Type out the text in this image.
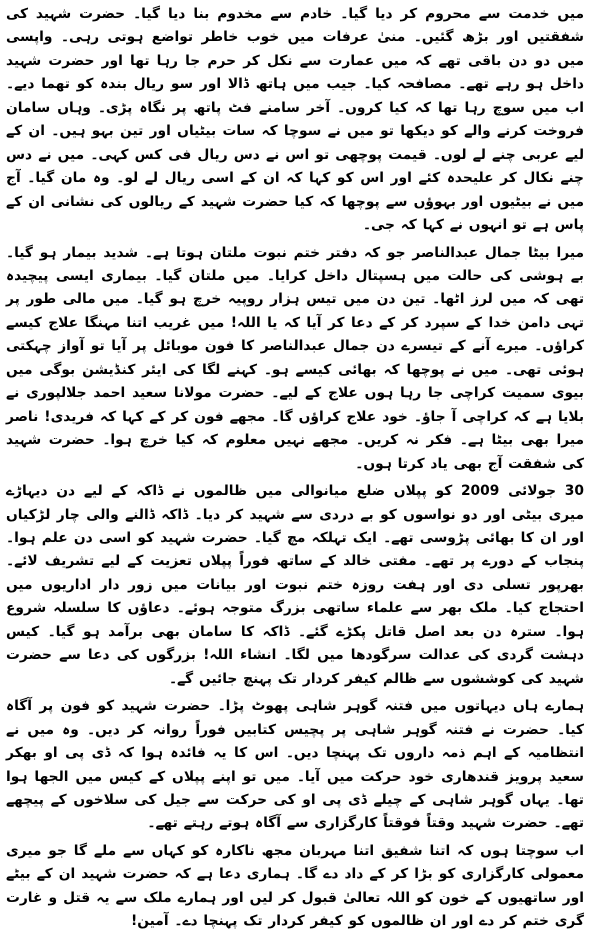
میں خدمت سے محروم کر دیا گیا۔ خادم سے مخدوم بنا دیا گیا۔ حضرت شہید کی شفقتیں اور بڑھ گئیں۔ منیٰ عرفات میں خوب خاطر تواضع ہوتی رہی۔ واپسی میں دو دن باقی تھے کہ میں عمارت سے نکل کر حرم جا رہا تھا اور حضرت شہید داخل ہو رہے تھے۔ مصافحہ کیا۔ جیب میں ہاتھ ڈالا اور سو ریال بندہ کو تھما دیے۔ اب میں سوچ رہا تھا کہ کیا کروں۔ آخر سامنے فٹ پاتھ پر نگاہ پڑی۔ وہاں سامان فروخت کرنے والے کو دیکھا تو میں نے سوچا کہ سات بیٹیاں اور تین بہو ہیں۔ ان کے لیے عربی چنے لے لوں۔ قیمت پوچھی تو اس نے دس ریال فی کس کہی۔ میں نے دس چنے نکال کر علیحدہ کئے اور اس کو کہا کہ ان کے اسی ریال لے لو۔ وہ مان گیا۔ آج میں نے بیٹیوں اور بہوؤں سے پوچھا کہ کیا حضرت شہید کے ریالوں کی نشانی ان کے پاس ہے تو انہوں نے کہا کہ جی۔

میرا بیٹا جمال عبدالناصر جو کہ دفتر ختم نبوت ملتان ہوتا ہے۔ شدید بیمار ہو گیا۔ بے ہوشی کی حالت میں ہسپتال داخل کرایا۔ میں ملتان گیا۔ بیماری ایسی پیچیدہ تھی کہ میں لرز اٹھا۔ تین دن میں تیس ہزار روپیہ خرچ ہو گیا۔ میں مالی طور پر تہی دامن خدا کے سپرد کر کے دعا کر آیا کہ یا اللہ! میں غریب اتنا مہنگا علاج کیسے کراؤں۔ میرے آنے کے تیسرے دن جمال عبدالناصر کا فون موبائل پر آیا تو آواز چہکتی ہوئی تھی۔ میں نے پوچھا کہ بھائی کیسے ہو۔ کہنے لگا کی ایئر کنڈیشن بوگی میں بیوی سمیت کراچی جا رہا ہوں علاج کے لیے۔ حضرت مولانا سعید احمد جلالپوری نے بلایا ہے کہ کراچی آ جاؤ۔ خود علاج کراؤں گا۔ مجھے فون کر کے کہا کہ فریدی! ناصر میرا بھی بیٹا ہے۔ فکر نہ کریں۔ مجھے نہیں معلوم کہ کیا خرچ ہوا۔ حضرت شہید کی شفقت آج بھی یاد کرتا ہوں۔

30 جولائی 2009 کو پپلاں ضلع میانوالی میں ظالموں نے ڈاکہ کے لیے دن دیہاڑے میری بیٹی اور دو نواسوں کو بے دردی سے شہید کر دیا۔ ڈاکہ ڈالنے والی چار لڑکیاں اور ان کا بھائی پڑوسی تھے۔ ایک تہلکہ مچ گیا۔ حضرت شہید کو اسی دن علم ہوا۔ پنجاب کے دورے پر تھے۔ مفتی خالد کے ساتھ فوراً پپلاں تعزیت کے لیے تشریف لائے۔ بھرپور تسلی دی اور ہفت روزہ ختم نبوت اور بیانات میں زور دار اداریوں میں احتجاج کیا۔ ملک بھر سے علماء ساتھی بزرگ متوجہ ہوئے۔ دعاؤں کا سلسلہ شروع ہوا۔ سترہ دن بعد اصل قاتل پکڑے گئے۔ ڈاکہ کا سامان بھی برآمد ہو گیا۔ کیس دہشت گردی کی عدالت سرگودھا میں لگا۔ انشاء اللہ! بزرگوں کی دعا سے حضرت شہید کی کوششوں سے ظالم کیفر کردار تک پہنچ جائیں گے۔

ہمارے ہاں دیہاتوں میں فتنہ گوہر شاہی پھوٹ پڑا۔ حضرت شہید کو فون پر آگاہ کیا۔ حضرت نے فتنہ گوہر شاہی پر پچیس کتابیں فوراً روانہ کر دیں۔ وہ میں نے انتظامیہ کے اہم ذمہ داروں تک پہنچا دیں۔ اس کا یہ فائدہ ہوا کہ ڈی پی او بھکر سعید پرویز قندھاری خود حرکت میں آیا۔ میں تو اپنے پپلاں کے کیس میں الجھا ہوا تھا۔ یہاں گوہر شاہی کے چیلے ڈی پی او کی حرکت سے جیل کی سلاخوں کے پیچھے تھے۔ حضرت شہید وقتاً فوقتاً کارگزاری سے آگاہ ہوتے رہتے تھے۔

اب سوچتا ہوں کہ اتنا شفیق اتنا مہربان مجھ ناکارہ کو کہاں سے ملے گا جو میری معمولی کارگزاری کو بڑا کر کے داد دے گا۔ ہماری دعا ہے کہ حضرت شہید ان کے بیٹے اور ساتھیوں کے خون کو اللہ تعالیٰ قبول کر لیں اور ہمارے ملک سے یہ قتل و غارت گری ختم کر دے اور ان ظالموں کو کیفر کردار تک پہنچا دے۔ آمین!
